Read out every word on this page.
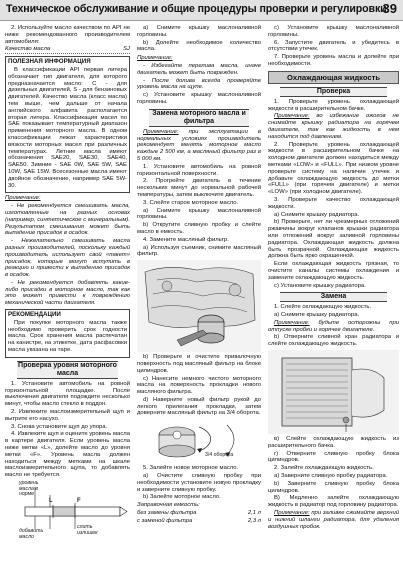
Техническое обслуживание и общие процедуры проверки и регулировки
39

2. Используйте масло качеством по API не ниже рекомендованного производителем автомобиля:

Качество масла	SJ

ПОЛЕЗНАЯ ИНФОРМАЦИЯ

В классификации API первая литера обозначает тип двигателя, для которого предназначается масло: С - для дизельных двигателей, S - для бензиновых двигателей. Качество масла (класс масла) тем выше, чем дальше от начала английского алфавита располагается вторая литера. Классификация масел по SAE показывает температурный диапазон применения моторного масла. В одном классификации лежат характеристики вязкости моторных масел при различных температурах. Летние масла имеют обозначения SAE20, SAE30, SAE40, SAE50. Зимние - SAE 0W, SAE 5W, SAE 10W, SAE 15W. Всесезонные масла имеют двойное обозначение, например SAE 5W-30.

Примечание:

- Не рекомендуется смешивать масла, изготовленные на разных основах (например, синтетическое с минеральным). Результатом смешивания может быть выпадение присадок в осадок.

- Нежелательно смешивать масла разных производителей, поскольку каждый производитель использует свой «пакет» присадок, которые могут вступить в реакцию и привести к выпадению присадок в осадок.

- Не рекомендуется добавлять какие-либо присадки в моторное масло, так как это может привести к повреждению механической части двигателя.

РЕКОМЕНДАЦИИ

При покупке моторного масла также необходимо проверить срок годности масла. Срок хранения масла распечатан на канистре, на этикетке, дата расфасовки масла указана на таре.

Проверка уровня моторного масла

1. Установите автомобиль на ровной горизонтальной площадке. После выключения двигателя подождите несколько минут, чтобы масло стекло в поддон.

2. Извлеките маслоизмерительный щуп и вытрите его насухо.

3. Снова установите щуп до упора.

4. Извлеките щуп и оцените уровень масла в картере двигателя. Если уровень масла ниже метки «L», долейте масло до уровня метки «F». Уровень масла должен находиться между метками на шкале маслоизмерительного щупа, то добавлять масло не требуется.

уровень масла в норме
L	F
добавить масло
слить излишек

а) Снимите крышку маслоналивной горловины.

b) Долейте необходимое количество масла.

Примечание:

- Избегайте перелива масла, иначе двигатель может быть поврежден.

- После долива всегда проверяйте уровень масла на щупе.

с) Установите крышку маслоналивной горловины.

Замена моторного масла и фильтра

Примечание: при эксплуатации в нормальных условиях производитель рекомендует менять моторное масло каждые 2 500 км, а масляный фильтр раз в 5 000 км.

1. Установите автомобиль на ровной горизонтальной поверхности.

2. Прогрейте двигатель в течение нескольких минут до нормальной рабочей температуры, затем выключите двигатель.

3. Слейте старое моторное масло.

а) Снимите крышку маслоналивной горловины.

b) Открутите сливную пробку и слейте масло в емкость.

4. Замените масляный фильтр.

а) Используя съемник, снимите масляный фильтр.

b) Проверьте и очистите привалочную поверхность под масляный фильтр на блоке цилиндров.

с) Нанесите немного чистого моторного масла на поверхность прокладки нового масляного фильтра.

d) Наверните новый фильтр рукой до легкого прилегания прокладки, затем доверните масляный фильтр на 3/4 оборота.

3/4 оборота

5. Залейте новое моторное масло.

а) Очистите сливную пробку при необходимости установите новую прокладку и заверните сливную пробку.

b) Залейте моторное масло.

Заправочная емкость:

без замены фильтра	2,1 л

с заменой фильтра	2,3 л

с) Установите крышку маслоналивной горловины.

6. Запустите двигатель и убедитесь в отсутствии утечек.

7. Проверьте уровень масла и долейте при необходимости.

Охлаждающая жидкость
Проверка

1. Проверьте уровень охлаждающей жидкости в расширительном бачке.

Примечание: во избежание ожогов не снимайте крышку радиатора на горячем двигателе, так как жидкость в нем находится под давлением.

2. Проверьте уровень охлаждающей жидкости в расширительном бачке на холодном двигателе должен находиться между метками «LOW» и «FULL». При низком уровне проверьте систему на наличие утечек и добавьте охлаждающую жидкость до метки «FULL» (при горячем двигателе) и метки «LOW» (при холодном двигателе).

3. Проверьте качество охлаждающей жидкости.

а) Снимите крышку радиатора.

b) Проверьте, нет ли чрезмерных отложений ржавчины вокруг клапанов крышки радиатора или отложений вокруг заливной горловины радиатора. Охлаждающая жидкость должна быть прозрачной. Охлаждающая жидкость должна быть ярко окрашенной.

Если охлаждающая жидкость грязная, то очистите каналы системы охлаждения и замените охлаждающую жидкость.

с) Установите крышку радиатора.

Замена

1. Слейте охлаждающую жидкость.

а) Снимите крышку радиатора.

Примечание: будьте осторожны при отпуске пробки и горячее двигателе.

b) Отверните сливной кран радиатора и слейте охлаждающую жидкость.

в) Слейте охлаждающую жидкость из расширительного бачка.

г) Отверните сливную пробку блока цилиндров.

2. Залейте охлаждающую жидкость.

а) Заверните сливную пробку радиатора.

b) Заверните сливную пробку блока цилиндров.

В) Медленно залейте охлаждающую жидкость в радиатор под горловину радиатора.

Примечание: при заливке сжимайте верхний и нижний шланги радиатора, для удаления воздушных пробок.
